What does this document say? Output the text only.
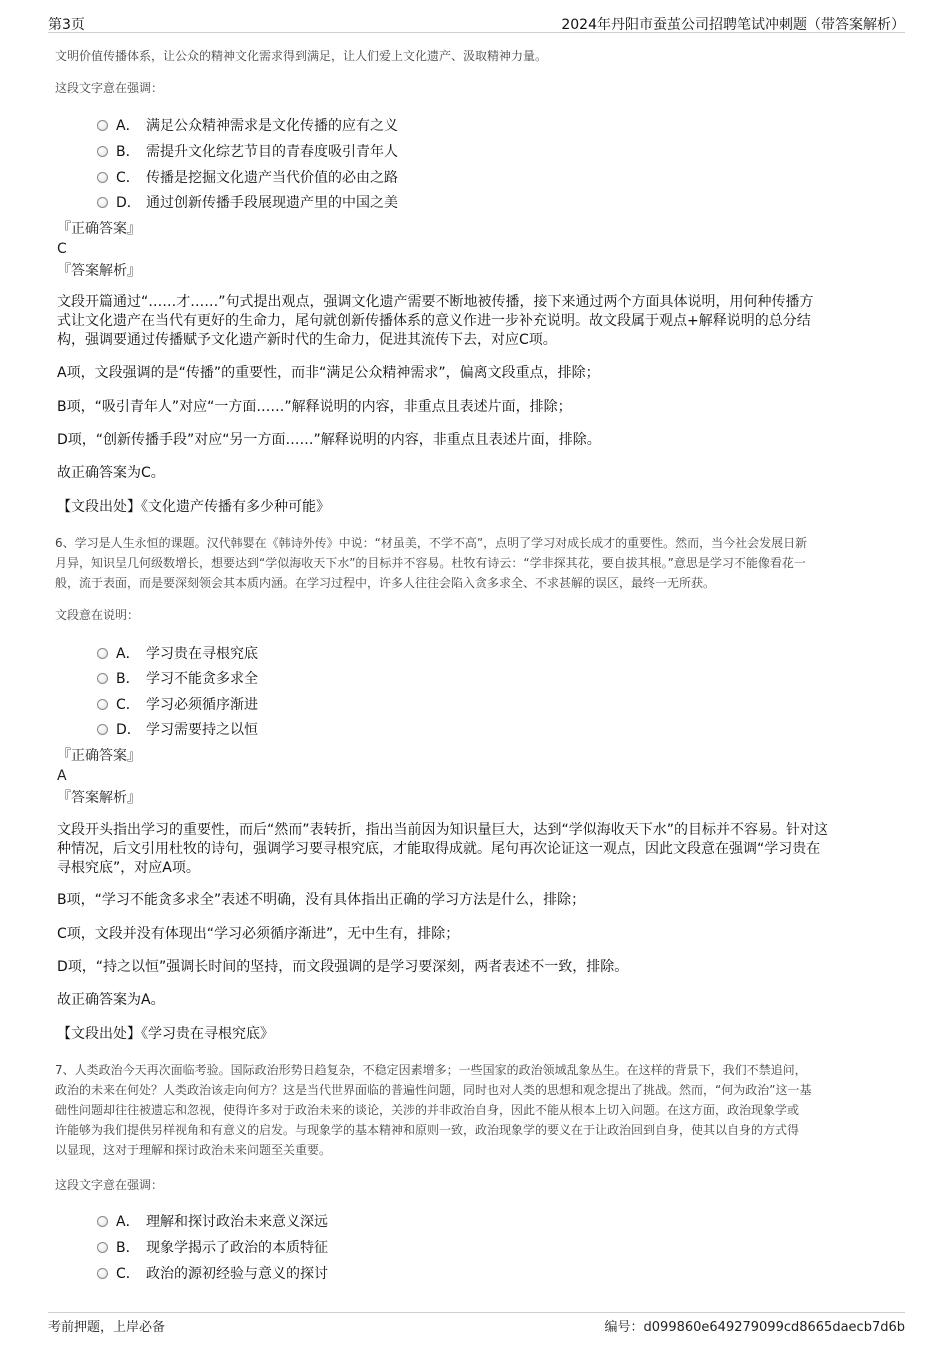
第3页	2024年丹阳市蚕茧公司招聘笔试冲刺题（带答案解析）
文明价值传播体系，让公众的精神文化需求得到满足，让人们爱上文化遗产、汲取精神力量。
这段文字意在强调：
A． 满足公众精神需求是文化传播的应有之义
B． 需提升文化综艺节目的青春度吸引青年人
C． 传播是挖掘文化遗产当代价值的必由之路
D． 通过创新传播手段展现遗产里的中国之美
『正确答案』
C
『答案解析』
文段开篇通过“……才……”句式提出观点，强调文化遗产需要不断地被传播，接下来通过两个方面具体说明，用何种传播方
式让文化遗产在当代有更好的生命力，尾句就创新传播体系的意义作进一步补充说明。故文段属于观点+解释说明的总分结
构，强调要通过传播赋予文化遗产新时代的生命力，促进其流传下去，对应C项。
A项，文段强调的是“传播”的重要性，而非“满足公众精神需求”，偏离文段重点，排除；
B项，“吸引青年人”对应“一方面……”解释说明的内容，非重点且表述片面，排除；
D项，“创新传播手段”对应“另一方面……”解释说明的内容，非重点且表述片面，排除。
故正确答案为C。
【文段出处】《文化遗产传播有多少种可能》
6、学习是人生永恒的课题。汉代韩婴在《韩诗外传》中说：“材虽美，不学不高”，点明了学习对成长成才的重要性。然而，当今社会发展日新
月异，知识呈几何级数增长，想要达到“学似海收天下水”的目标并不容易。杜牧有诗云：“学非探其花，要自拔其根。”意思是学习不能像看花一
般，流于表面，而是要深刻领会其本质内涵。在学习过程中，许多人往往会陷入贪多求全、不求甚解的误区，最终一无所获。
文段意在说明：
A． 学习贵在寻根究底
B． 学习不能贪多求全
C． 学习必须循序渐进
D． 学习需要持之以恒
『正确答案』
A
『答案解析』
文段开头指出学习的重要性，而后“然而”表转折，指出当前因为知识量巨大，达到“学似海收天下水”的目标并不容易。针对这
种情况，后文引用杜牧的诗句，强调学习要寻根究底，才能取得成就。尾句再次论证这一观点，因此文段意在强调“学习贵在
寻根究底”，对应A项。
B项，“学习不能贪多求全”表述不明确，没有具体指出正确的学习方法是什么，排除；
C项，文段并没有体现出“学习必须循序渐进”，无中生有，排除；
D项，“持之以恒”强调长时间的坚持，而文段强调的是学习要深刻，两者表述不一致，排除。
故正确答案为A。
【文段出处】《学习贵在寻根究底》
7、人类政治今天再次面临考验。国际政治形势日趋复杂，不稳定因素增多；一些国家的政治领域乱象丛生。在这样的背景下，我们不禁追问，
政治的未来在何处？人类政治该走向何方？这是当代世界面临的普遍性问题，同时也对人类的思想和观念提出了挑战。然而，“何为政治”这一基
础性问题却往往被遗忘和忽视，使得许多对于政治未来的谈论，关涉的并非政治自身，因此不能从根本上切入问题。在这方面，政治现象学或
许能够为我们提供另样视角和有意义的启发。与现象学的基本精神和原则一致，政治现象学的要义在于让政治回到自身，使其以自身的方式得
以显现，这对于理解和探讨政治未来问题至关重要。
这段文字意在强调：
A． 理解和探讨政治未来意义深远
B． 现象学揭示了政治的本质特征
C． 政治的源初经验与意义的探讨
考前押题，上岸必备	编号：d099860e649279099cd8665daecb7d6b
